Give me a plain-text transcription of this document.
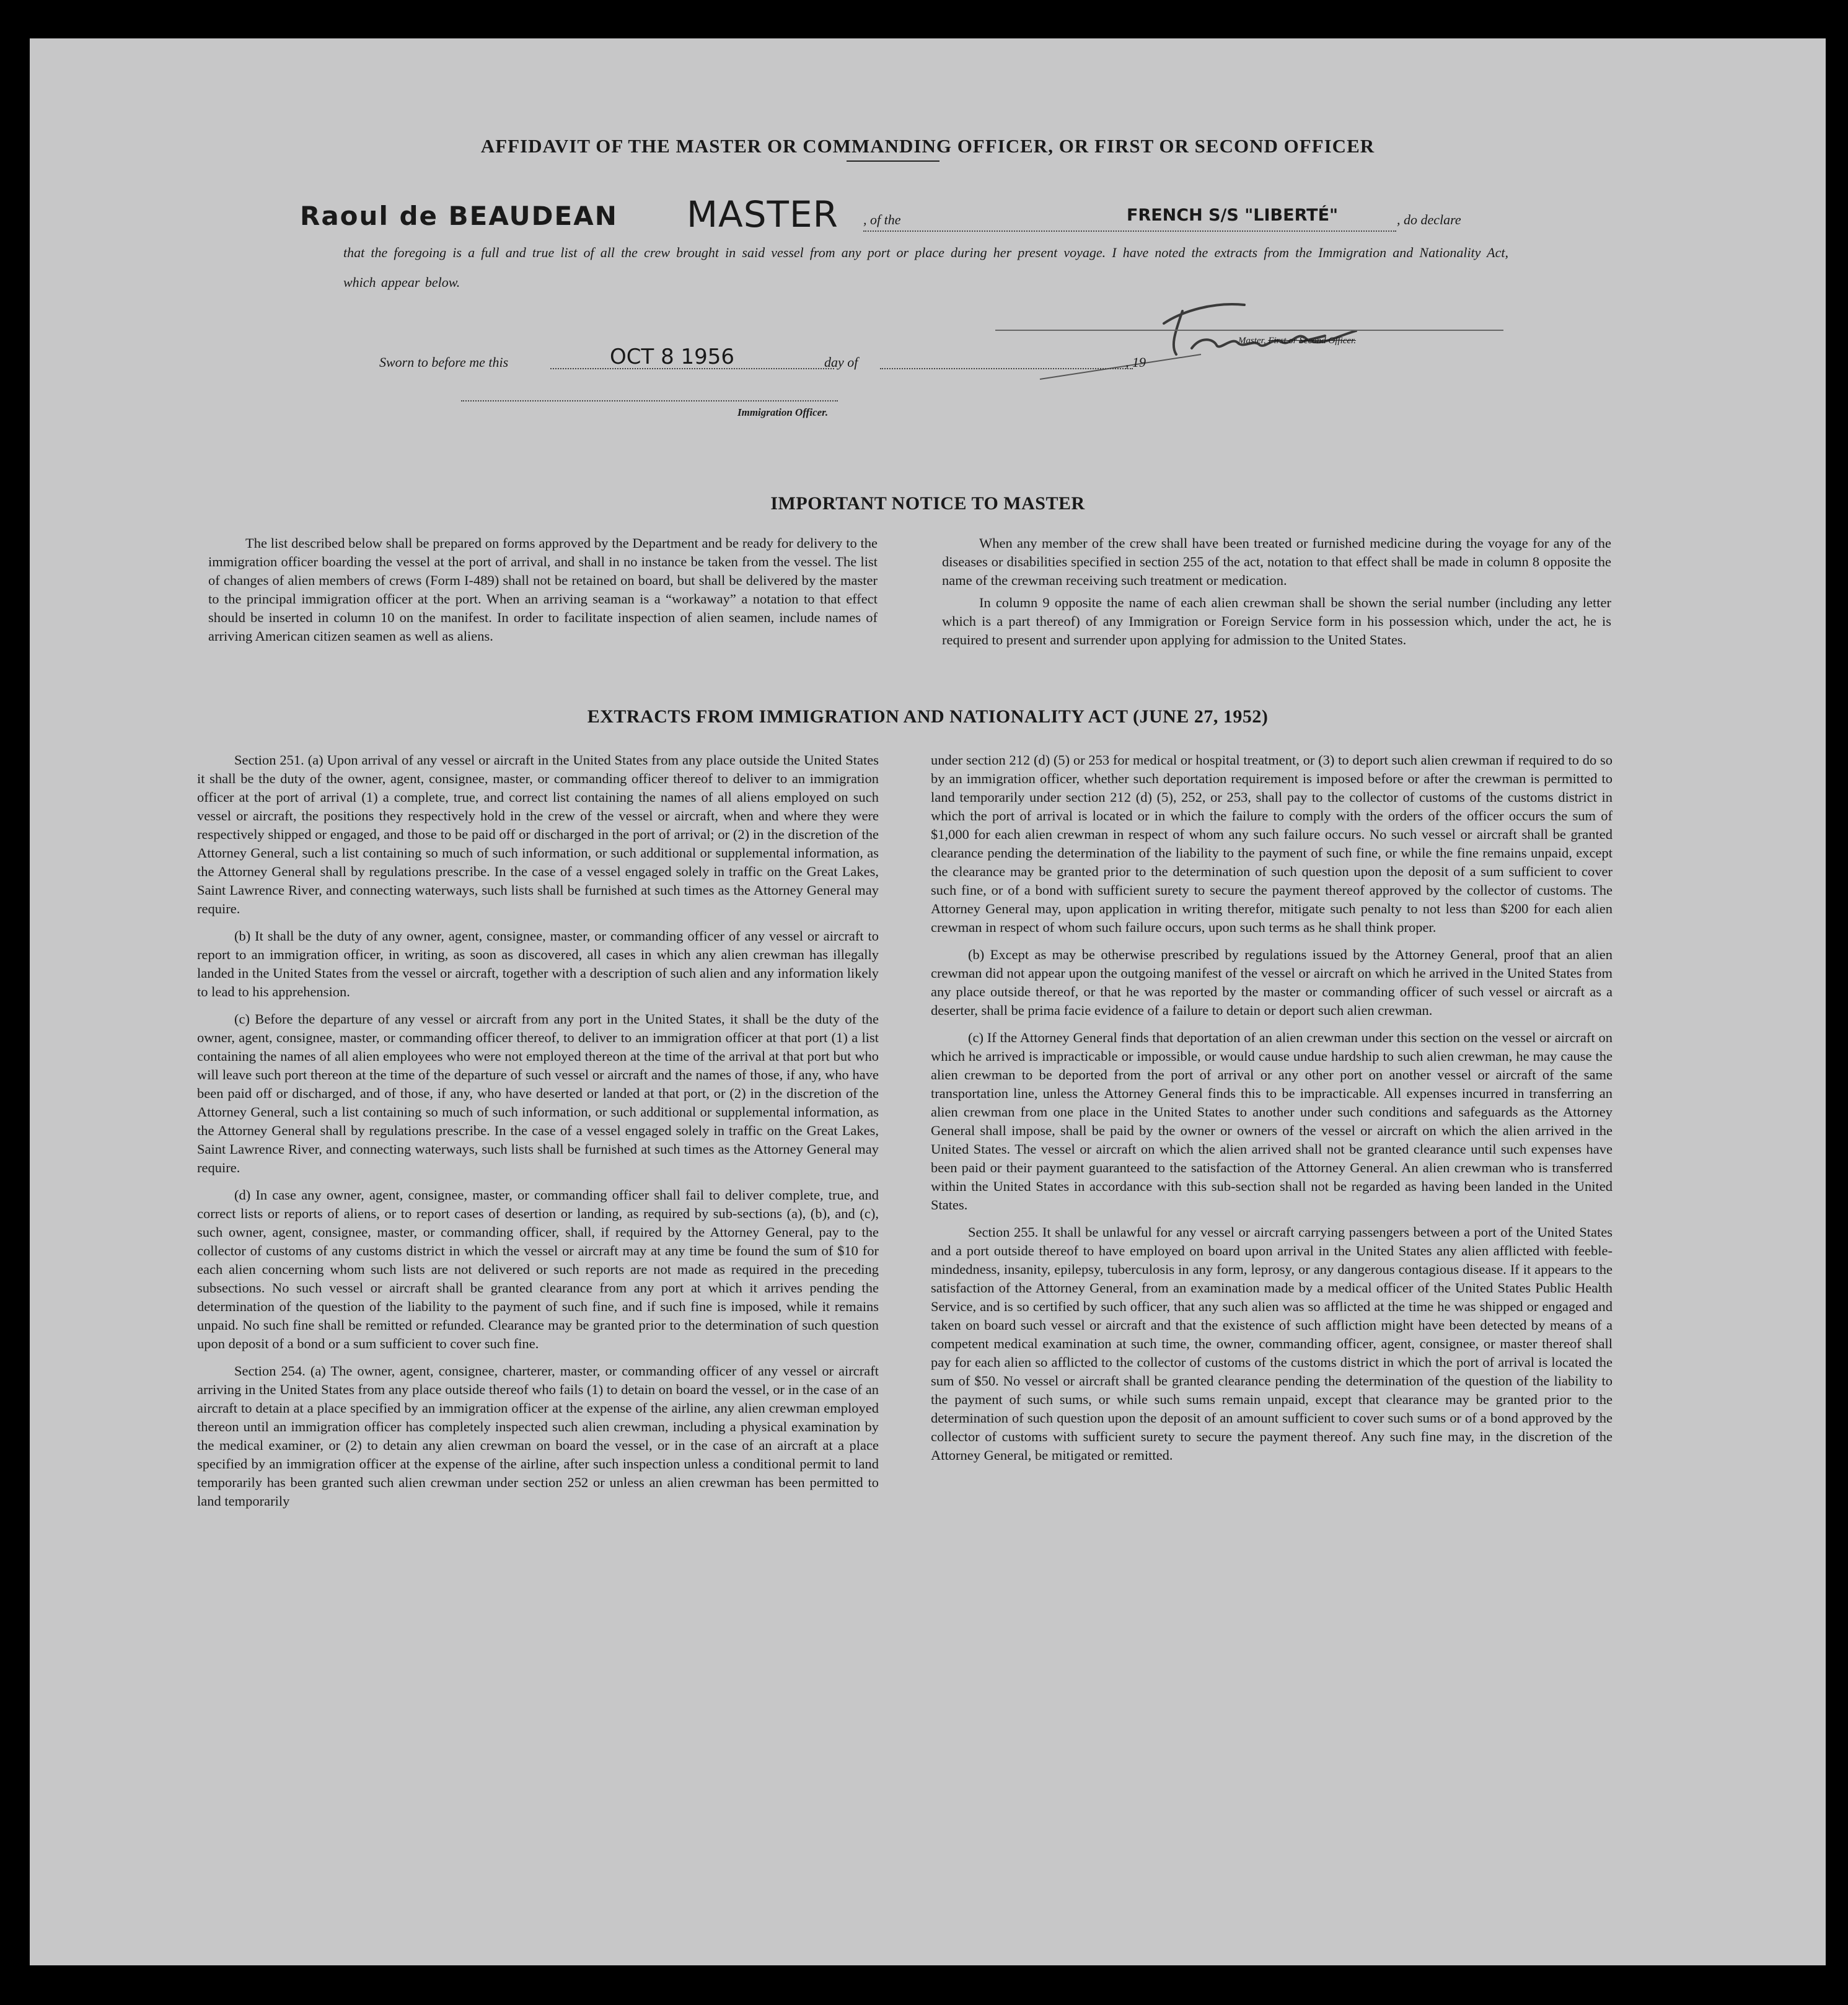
AFFIDAVIT OF THE MASTER OR COMMANDING OFFICER, OR FIRST OR SECOND OFFICER
Raoul de BEAUDEAN MASTER , of the	FRENCH S/S "LIBERTÉ"	, do declare
that the foregoing is a full and true list of all the crew brought in said vessel from any port or place during her present voyage. I have noted the extracts from the Immigration and Nationality Act, which appear below.
Master, First or Second Officer.
Sworn to before me this	OCT 8 1956	day of	, 19
Immigration Officer.
IMPORTANT NOTICE TO MASTER

The list described below shall be prepared on forms approved by the Department and be ready for delivery to the immigration officer boarding the vessel at the port of arrival, and shall in no instance be taken from the vessel. The list of changes of alien members of crews (Form I-489) shall not be retained on board, but shall be delivered by the master to the principal immigration officer at the port. When an arriving seaman is a “workaway” a notation to that effect should be inserted in column 10 on the manifest. In order to facilitate inspection of alien seamen, include names of arriving American citizen seamen as well as aliens.

When any member of the crew shall have been treated or furnished medicine during the voyage for any of the diseases or disabilities specified in section 255 of the act, notation to that effect shall be made in column 8 opposite the name of the crewman receiving such treatment or medication.

In column 9 opposite the name of each alien crewman shall be shown the serial number (including any letter which is a part thereof) of any Immigration or Foreign Service form in his possession which, under the act, he is required to present and surrender upon applying for admission to the United States.

EXTRACTS FROM IMMIGRATION AND NATIONALITY ACT (JUNE 27, 1952)

Section 251. (a) Upon arrival of any vessel or aircraft in the United States from any place outside the United States it shall be the duty of the owner, agent, consignee, master, or commanding officer thereof to deliver to an immigration officer at the port of arrival (1) a complete, true, and correct list containing the names of all aliens employed on such vessel or aircraft, the positions they respectively hold in the crew of the vessel or aircraft, when and where they were respectively shipped or engaged, and those to be paid off or discharged in the port of arrival; or (2) in the discretion of the Attorney General, such a list containing so much of such information, or such additional or supplemental information, as the Attorney General shall by regulations prescribe. In the case of a vessel engaged solely in traffic on the Great Lakes, Saint Lawrence River, and connecting waterways, such lists shall be furnished at such times as the Attorney General may require.

(b) It shall be the duty of any owner, agent, consignee, master, or commanding officer of any vessel or aircraft to report to an immigration officer, in writing, as soon as discovered, all cases in which any alien crewman has illegally landed in the United States from the vessel or aircraft, together with a description of such alien and any information likely to lead to his apprehension.

(c) Before the departure of any vessel or aircraft from any port in the United States, it shall be the duty of the owner, agent, consignee, master, or commanding officer thereof, to deliver to an immigration officer at that port (1) a list containing the names of all alien employees who were not employed thereon at the time of the arrival at that port but who will leave such port thereon at the time of the departure of such vessel or aircraft and the names of those, if any, who have been paid off or discharged, and of those, if any, who have deserted or landed at that port, or (2) in the discretion of the Attorney General, such a list containing so much of such information, or such additional or supplemental information, as the Attorney General shall by regulations prescribe. In the case of a vessel engaged solely in traffic on the Great Lakes, Saint Lawrence River, and connecting waterways, such lists shall be furnished at such times as the Attorney General may require.

(d) In case any owner, agent, consignee, master, or commanding officer shall fail to deliver complete, true, and correct lists or reports of aliens, or to report cases of desertion or landing, as required by sub-sections (a), (b), and (c), such owner, agent, consignee, master, or commanding officer, shall, if required by the Attorney General, pay to the collector of customs of any customs district in which the vessel or aircraft may at any time be found the sum of $10 for each alien concerning whom such lists are not delivered or such reports are not made as required in the preceding subsections. No such vessel or aircraft shall be granted clearance from any port at which it arrives pending the determination of the question of the liability to the payment of such fine, and if such fine is imposed, while it remains unpaid. No such fine shall be remitted or refunded. Clearance may be granted prior to the determination of such question upon deposit of a bond or a sum sufficient to cover such fine.

Section 254. (a) The owner, agent, consignee, charterer, master, or commanding officer of any vessel or aircraft arriving in the United States from any place outside thereof who fails (1) to detain on board the vessel, or in the case of an aircraft to detain at a place specified by an immigration officer at the expense of the airline, any alien crewman employed thereon until an immigration officer has completely inspected such alien crewman, including a physical examination by the medical examiner, or (2) to detain any alien crewman on board the vessel, or in the case of an aircraft at a place specified by an immigration officer at the expense of the airline, after such inspection unless a conditional permit to land temporarily has been granted such alien crewman under section 252 or unless an alien crewman has been permitted to land temporarily

under section 212 (d) (5) or 253 for medical or hospital treatment, or (3) to deport such alien crewman if required to do so by an immigration officer, whether such deportation requirement is imposed before or after the crewman is permitted to land temporarily under section 212 (d) (5), 252, or 253, shall pay to the collector of customs of the customs district in which the port of arrival is located or in which the failure to comply with the orders of the officer occurs the sum of $1,000 for each alien crewman in respect of whom any such failure occurs. No such vessel or aircraft shall be granted clearance pending the determination of the liability to the payment of such fine, or while the fine remains unpaid, except the clearance may be granted prior to the determination of such question upon the deposit of a sum sufficient to cover such fine, or of a bond with sufficient surety to secure the payment thereof approved by the collector of customs. The Attorney General may, upon application in writing therefor, mitigate such penalty to not less than $200 for each alien crewman in respect of whom such failure occurs, upon such terms as he shall think proper.

(b) Except as may be otherwise prescribed by regulations issued by the Attorney General, proof that an alien crewman did not appear upon the outgoing manifest of the vessel or aircraft on which he arrived in the United States from any place outside thereof, or that he was reported by the master or commanding officer of such vessel or aircraft as a deserter, shall be prima facie evidence of a failure to detain or deport such alien crewman.

(c) If the Attorney General finds that deportation of an alien crewman under this section on the vessel or aircraft on which he arrived is impracticable or impossible, or would cause undue hardship to such alien crewman, he may cause the alien crewman to be deported from the port of arrival or any other port on another vessel or aircraft of the same transportation line, unless the Attorney General finds this to be impracticable. All expenses incurred in transferring an alien crewman from one place in the United States to another under such conditions and safeguards as the Attorney General shall impose, shall be paid by the owner or owners of the vessel or aircraft on which the alien arrived in the United States. The vessel or aircraft on which the alien arrived shall not be granted clearance until such expenses have been paid or their payment guaranteed to the satisfaction of the Attorney General. An alien crewman who is transferred within the United States in accordance with this sub-section shall not be regarded as having been landed in the United States.

Section 255. It shall be unlawful for any vessel or aircraft carrying passengers between a port of the United States and a port outside thereof to have employed on board upon arrival in the United States any alien afflicted with feeble-mindedness, insanity, epilepsy, tuberculosis in any form, leprosy, or any dangerous contagious disease. If it appears to the satisfaction of the Attorney General, from an examination made by a medical officer of the United States Public Health Service, and is so certified by such officer, that any such alien was so afflicted at the time he was shipped or engaged and taken on board such vessel or aircraft and that the existence of such affliction might have been detected by means of a competent medical examination at such time, the owner, commanding officer, agent, consignee, or master thereof shall pay for each alien so afflicted to the collector of customs of the customs district in which the port of arrival is located the sum of $50. No vessel or aircraft shall be granted clearance pending the determination of the question of the liability to the payment of such sums, or while such sums remain unpaid, except that clearance may be granted prior to the determination of such question upon the deposit of an amount sufficient to cover such sums or of a bond approved by the collector of customs with sufficient surety to secure the payment thereof. Any such fine may, in the discretion of the Attorney General, be mitigated or remitted.
